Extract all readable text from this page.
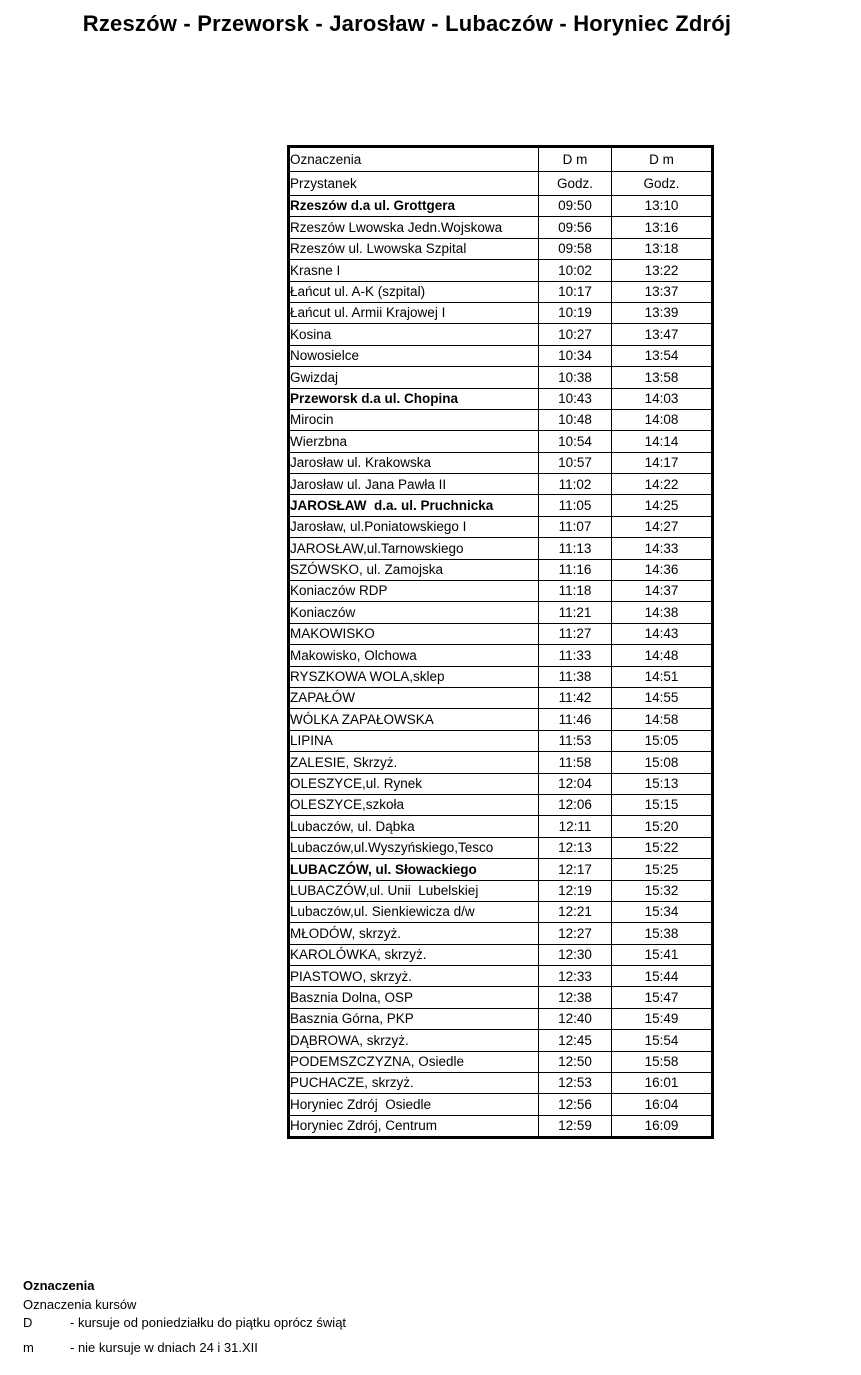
Rzeszów - Przeworsk - Jarosław - Lubaczów - Horyniec Zdrój
Oznaczenia	D m	D m
Przystanek	Godz.	Godz.
Rzeszów d.a ul. Grottgera	09:50	13:10
Rzeszów Lwowska Jedn.Wojskowa	09:56	13:16
Rzeszów ul. Lwowska Szpital	09:58	13:18
Krasne I	10:02	13:22
Łańcut ul. A-K (szpital)	10:17	13:37
Łańcut ul. Armii Krajowej I	10:19	13:39
Kosina	10:27	13:47
Nowosielce	10:34	13:54
Gwizdaj	10:38	13:58
Przeworsk d.a ul. Chopina	10:43	14:03
Mirocin	10:48	14:08
Wierzbna	10:54	14:14
Jarosław ul. Krakowska	10:57	14:17
Jarosław ul. Jana Pawła II	11:02	14:22
JAROSŁAW  d.a. ul. Pruchnicka	11:05	14:25
Jarosław, ul.Poniatowskiego I	11:07	14:27
JAROSŁAW,ul.Tarnowskiego	11:13	14:33
SZÓWSKO, ul. Zamojska	11:16	14:36
Koniaczów RDP	11:18	14:37
Koniaczów	11:21	14:38
MAKOWISKO	11:27	14:43
Makowisko, Olchowa	11:33	14:48
RYSZKOWA WOLA,sklep	11:38	14:51
ZAPAŁÓW	11:42	14:55
WÓLKA ZAPAŁOWSKA	11:46	14:58
LIPINA	11:53	15:05
ZALESIE, Skrzyż.	11:58	15:08
OLESZYCE,ul. Rynek	12:04	15:13
OLESZYCE,szkoła	12:06	15:15
Lubaczów, ul. Dąbka	12:11	15:20
Lubaczów,ul.Wyszyńskiego,Tesco	12:13	15:22
LUBACZÓW, ul. Słowackiego	12:17	15:25
LUBACZÓW,ul. Unii  Lubelskiej	12:19	15:32
Lubaczów,ul. Sienkiewicza d/w	12:21	15:34
MŁODÓW, skrzyż.	12:27	15:38
KAROLÓWKA, skrzyż.	12:30	15:41
PIASTOWO, skrzyż.	12:33	15:44
Basznia Dolna, OSP	12:38	15:47
Basznia Górna, PKP	12:40	15:49
DĄBROWA, skrzyż.	12:45	15:54
PODEMSZCZYZNA, Osiedle	12:50	15:58
PUCHACZE, skrzyż.	12:53	16:01
Horyniec Zdrój  Osiedle	12:56	16:04
Horyniec Zdrój, Centrum	12:59	16:09
Oznaczenia
Oznaczenia kursów
D	- kursuje od poniedziałku do piątku oprócz świąt
m	- nie kursuje w dniach 24 i 31.XII
